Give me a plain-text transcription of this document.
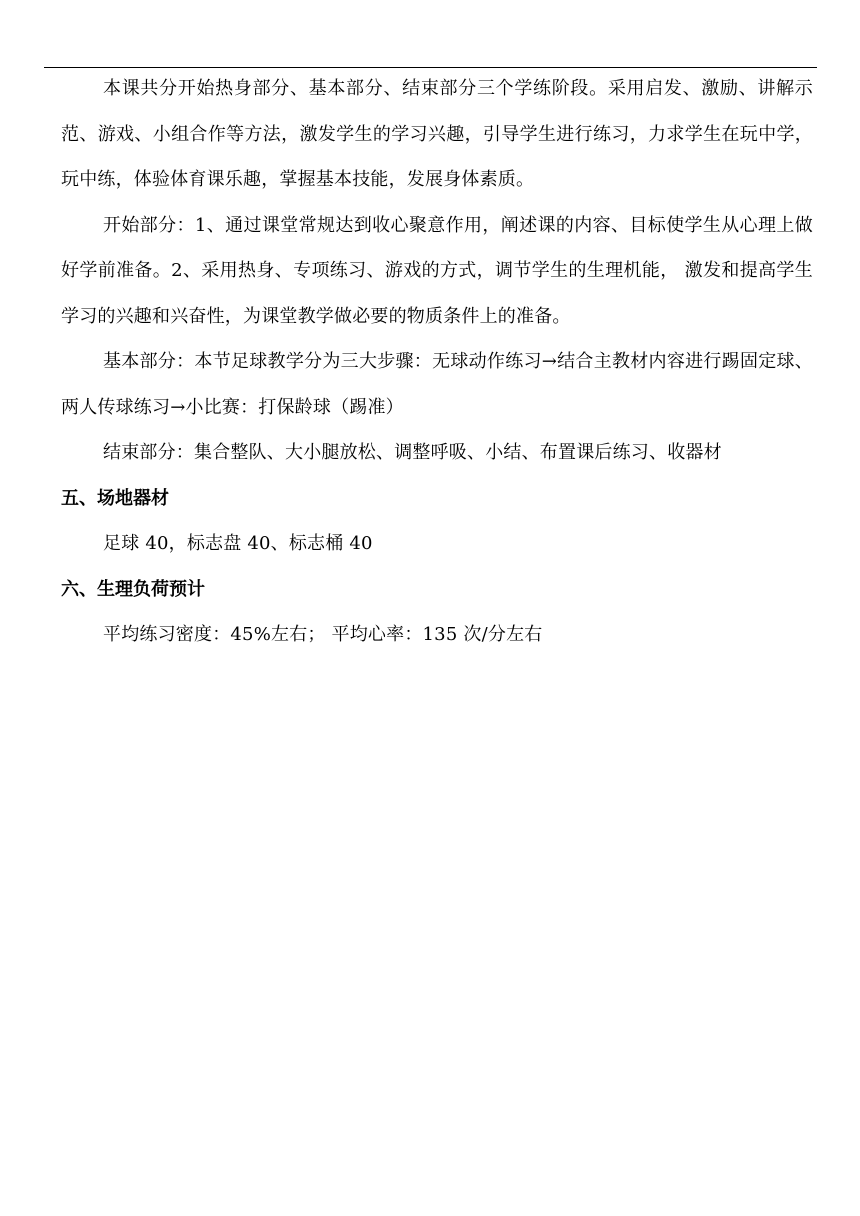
本课共分开始热身部分、基本部分、结束部分三个学练阶段。采用启发、激励、讲解示范、游戏、小组合作等方法，激发学生的学习兴趣，引导学生进行练习，力求学生在玩中学，玩中练，体验体育课乐趣，掌握基本技能，发展身体素质。

开始部分：1、通过课堂常规达到收心聚意作用，阐述课的内容、目标使学生从心理上做好学前准备。2、采用热身、专项练习、游戏的方式，调节学生的生理机能， 激发和提高学生学习的兴趣和兴奋性，为课堂教学做必要的物质条件上的准备。

基本部分：本节足球教学分为三大步骤：无球动作练习→结合主教材内容进行踢固定球、两人传球练习→小比赛：打保龄球（踢准）

结束部分：集合整队、大小腿放松、调整呼吸、小结、布置课后练习、收器材

五、场地器材

足球 40，标志盘 40、标志桶 40

六、生理负荷预计

平均练习密度：45%左右； 平均心率：135 次/分左右
